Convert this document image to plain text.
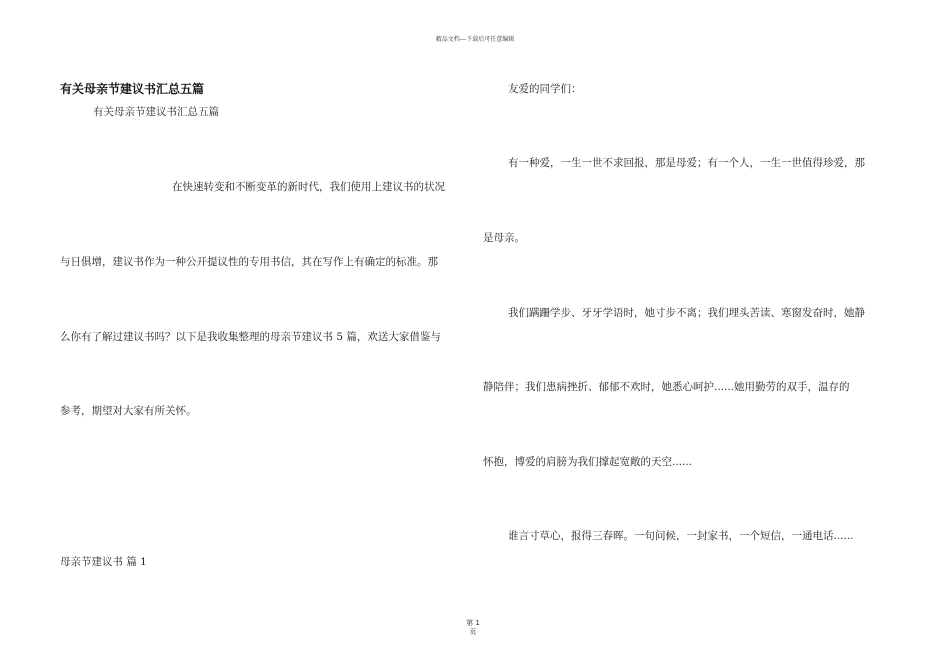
精品文档---下载后可任意编辑
有关母亲节建议书汇总五篇
有关母亲节建议书汇总五篇
在快速转变和不断变革的新时代，我们使用上建议书的状况
与日俱增，建议书作为一种公开提议性的专用书信，其在写作上有确定的标准。那
么你有了解过建议书吗？以下是我收集整理的母亲节建议书 5 篇，欢送大家借鉴与
参考，期望对大家有所关怀。
母亲节建议书 篇 1
友爱的同学们：
有一种爱，一生一世不求回报，那是母爱；有一个人，一生一世值得珍爱，那
是母亲。
我们蹒跚学步、牙牙学语时，她寸步不离；我们埋头苦读、寒窗发奋时，她静
静陪伴；我们患病挫折、郁郁不欢时，她悉心呵护......她用勤劳的双手，温存的
怀抱，博爱的肩膀为我们撑起宽敞的天空......
谁言寸草心，报得三春晖。一句问候，一封家书，一个短信，一通电话......
第 1 页
